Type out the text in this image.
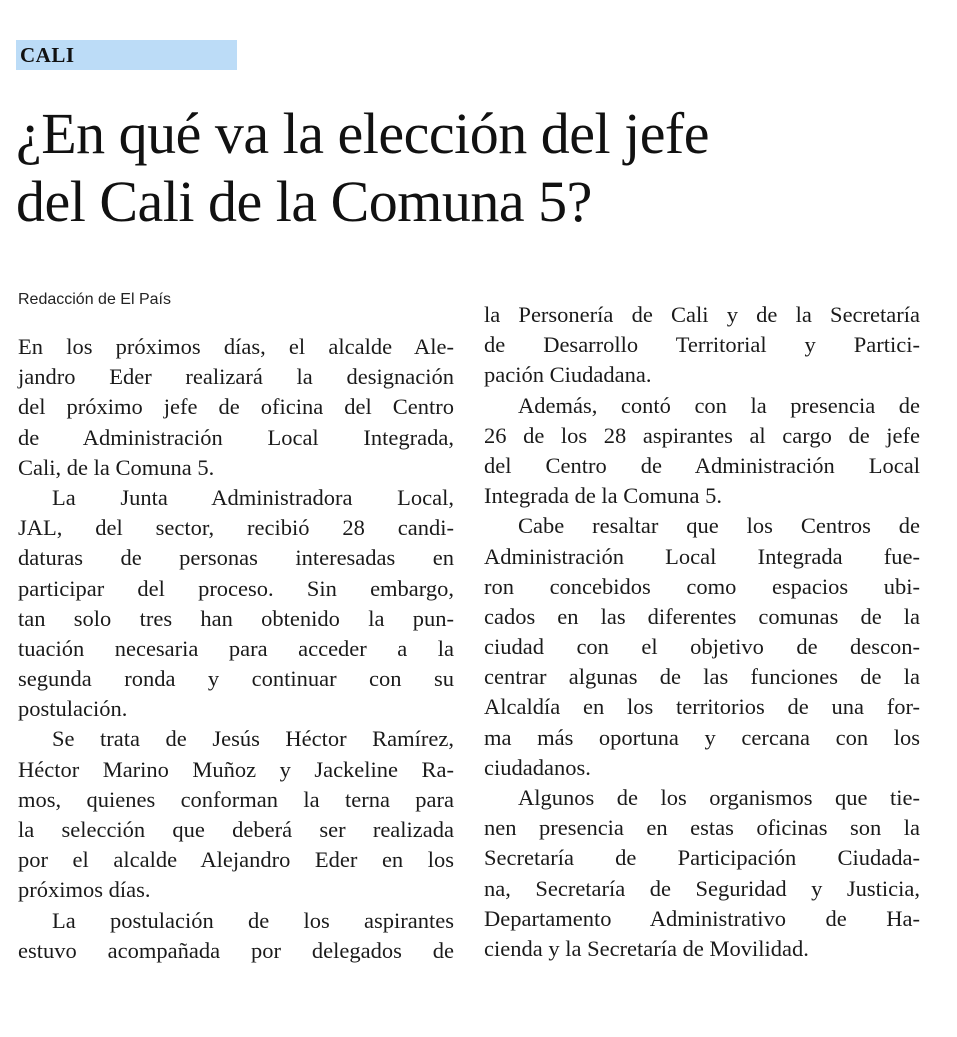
CALI
¿En qué va la elección del jefe
del Cali de la Comuna 5?
Redacción de El País

En los próximos días, el alcalde Ale-
jandro Eder realizará la designación
del próximo jefe de oficina del Centro
de Administración Local Integrada,
Cali, de la Comuna 5.

La Junta Administradora Local,
JAL, del sector, recibió 28 candi-
daturas de personas interesadas en
participar del proceso. Sin embargo,
tan solo tres han obtenido la pun-
tuación necesaria para acceder a la
segunda ronda y continuar con su
postulación.

Se trata de Jesús Héctor Ramírez,
Héctor Marino Muñoz y Jackeline Ra-
mos, quienes conforman la terna para
la selección que deberá ser realizada
por el alcalde Alejandro Eder en los
próximos días.

La postulación de los aspirantes
estuvo acompañada por delegados de

la Personería de Cali y de la Secretaría
de Desarrollo Territorial y Partici-
pación Ciudadana.

Además, contó con la presencia de
26 de los 28 aspirantes al cargo de jefe
del Centro de Administración Local
Integrada de la Comuna 5.

Cabe resaltar que los Centros de
Administración Local Integrada fue-
ron concebidos como espacios ubi-
cados en las diferentes comunas de la
ciudad con el objetivo de descon-
centrar algunas de las funciones de la
Alcaldía en los territorios de una for-
ma más oportuna y cercana con los
ciudadanos.

Algunos de los organismos que tie-
nen presencia en estas oficinas son la
Secretaría de Participación Ciudada-
na, Secretaría de Seguridad y Justicia,
Departamento Administrativo de Ha-
cienda y la Secretaría de Movilidad.
